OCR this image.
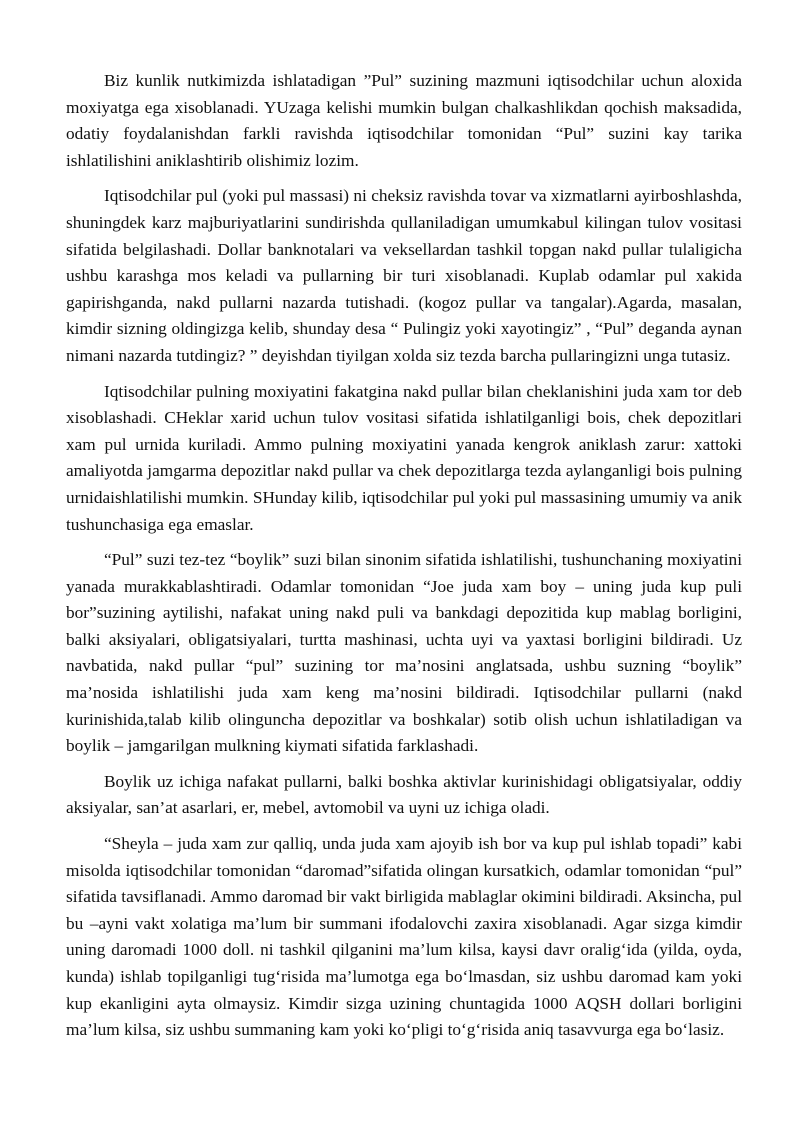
Biz kunlik nutkimizda ishlatadigan ”Pul” suzining mazmuni iqtisodchilar uchun aloxida moxiyatga ega xisoblanadi. YUzaga kelishi mumkin bulgan chalkashlikdan qochish maksadida, odatiy foydalanishdan farkli ravishda iqtisodchilar tomonidan “Pul” suzini kay tarika ishlatilishini aniklashtirib olishimiz lozim.

Iqtisodchilar pul (yoki pul massasi) ni cheksiz ravishda tovar va xizmatlarni ayirboshlashda, shuningdek karz majburiyatlarini sundirishda qullaniladigan umumkabul kilingan tulov vositasi sifatida belgilashadi. Dollar banknotalari va veksellardan tashkil topgan nakd pullar tulaligicha ushbu karashga mos keladi va pullarning bir turi xisoblanadi. Kuplab odamlar pul xakida gapirishganda, nakd pullarni nazarda tutishadi. (kogoz pullar va tangalar).Agarda, masalan, kimdir sizning oldingizga kelib, shunday desa “ Pulingiz yoki xayotingiz” , “Pul” deganda aynan nimani nazarda tutdingiz? ” deyishdan tiyilgan xolda siz tezda barcha pullaringizni unga tutasiz.

Iqtisodchilar pulning moxiyatini fakatgina nakd pullar bilan cheklanishini juda xam tor deb xisoblashadi. CHeklar xarid uchun tulov vositasi sifatida ishlatilganligi bois, chek depozitlari xam pul urnida kuriladi. Ammo pulning moxiyatini yanada kengrok aniklash zarur: xattoki amaliyotda jamgarma depozitlar nakd pullar va chek depozitlarga tezda aylanganligi bois pulning urnidaishlatilishi mumkin. SHunday kilib, iqtisodchilar pul yoki pul massasining umumiy va anik tushunchasiga ega emaslar.

“Pul” suzi tez-tez “boylik” suzi bilan sinonim sifatida ishlatilishi, tushunchaning moxiyatini yanada murakkablashtiradi. Odamlar tomonidan “Joe juda xam boy – uning juda kup puli bor”suzining aytilishi, nafakat uning nakd puli va bankdagi depozitida kup mablag borligini, balki aksiyalari, obligatsiyalari, turtta mashinasi, uchta uyi va yaxtasi borligini bildiradi. Uz navbatida, nakd pullar “pul” suzining tor ma’nosini anglatsada, ushbu suzning “boylik” ma’nosida ishlatilishi juda xam keng ma’nosini bildiradi. Iqtisodchilar pullarni (nakd kurinishida,talab kilib olinguncha depozitlar va boshkalar) sotib olish uchun ishlatiladigan va boylik – jamgarilgan mulkning kiymati sifatida farklashadi.

Boylik uz ichiga nafakat pullarni, balki boshka aktivlar kurinishidagi obligatsiyalar, oddiy aksiyalar, san’at asarlari, er, mebel, avtomobil va uyni uz ichiga oladi.

“Sheyla – juda xam zur qalliq, unda juda xam ajoyib ish bor va kup pul ishlab topadi” kabi misolda iqtisodchilar tomonidan “daromad”sifatida olingan kursatkich, odamlar tomonidan “pul” sifatida tavsiflanadi. Ammo daromad bir vakt birligida mablaglar okimini bildiradi. Aksincha, pul bu –ayni vakt xolatiga ma’lum bir summani ifodalovchi zaxira xisoblanadi. Agar sizga kimdir uning daromadi 1000 doll. ni tashkil qilganini ma’lum kilsa, kaysi davr oralig‘ida (yilda, oyda, kunda) ishlab topilganligi tug‘risida ma’lumotga ega bo‘lmasdan, siz ushbu daromad kam yoki kup ekanligini ayta olmaysiz. Kimdir sizga uzining chuntagida 1000 AQSH dollari borligini ma’lum kilsa, siz ushbu summaning kam yoki ko‘pligi to‘g‘risida aniq tasavvurga ega bo‘lasiz.
